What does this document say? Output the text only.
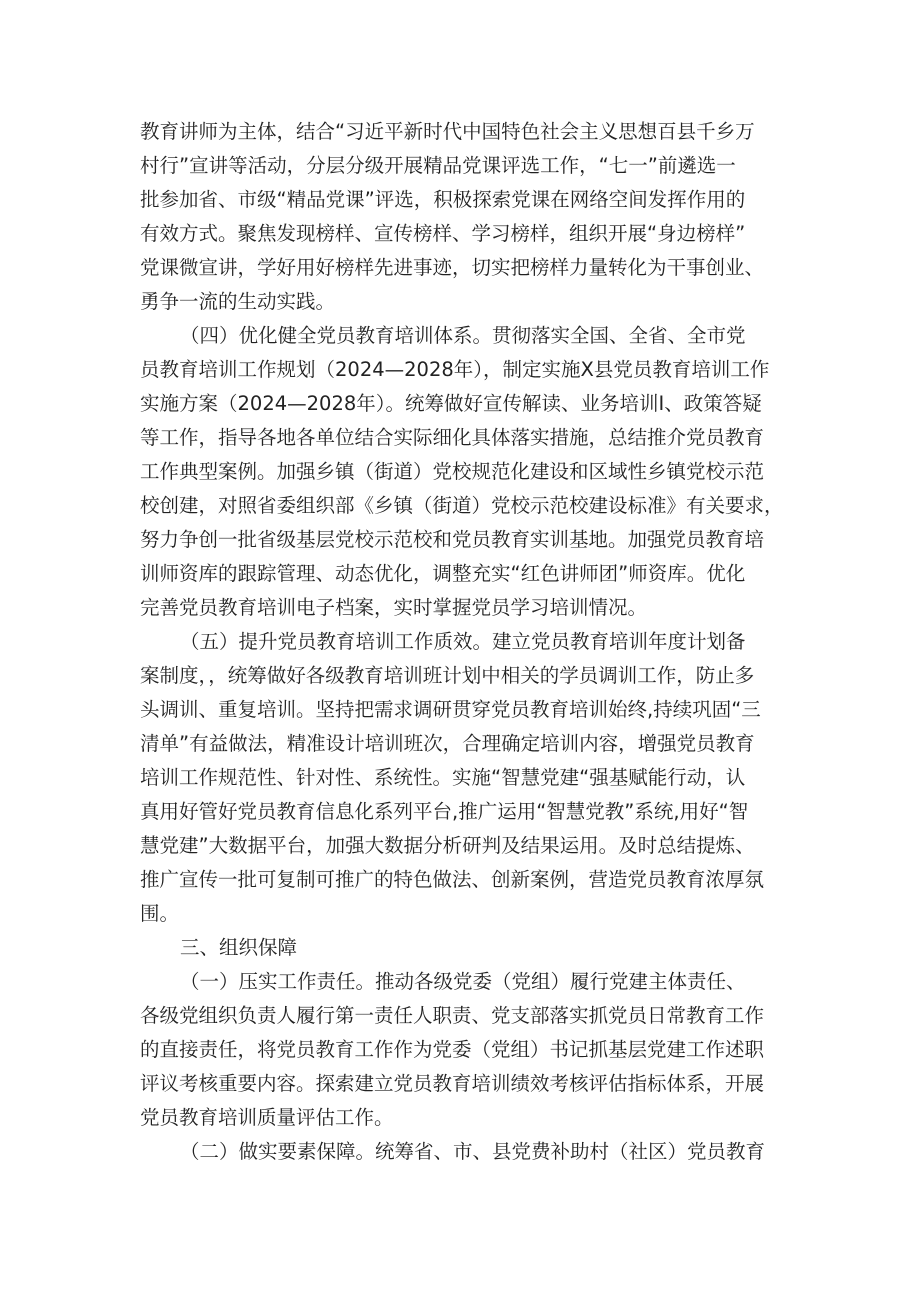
教育讲师为主体，结合“习近平新时代中国特色社会主义思想百县千乡万
村行”宣讲等活动，分层分级开展精品党课评选工作，“七一”前遴选一
批参加省、市级“精品党课”评选，积极探索党课在网络空间发挥作用的
有效方式。聚焦发现榜样、宣传榜样、学习榜样，组织开展“身边榜样”
党课微宣讲，学好用好榜样先进事迹，切实把榜样力量转化为干事创业、
勇争一流的生动实践。
（四）优化健全党员教育培训体系。贯彻落实全国、全省、全市党
员教育培训工作规划（2024—2028年），制定实施X县党员教育培训工作
实施方案（2024—2028年）。统筹做好宣传解读、业务培训I、政策答疑
等工作，指导各地各单位结合实际细化具体落实措施，总结推介党员教育
工作典型案例。加强乡镇（街道）党校规范化建设和区域性乡镇党校示范
校创建，对照省委组织部《乡镇（街道）党校示范校建设标准》有关要求，
努力争创一批省级基层党校示范校和党员教育实训基地。加强党员教育培
训师资库的跟踪管理、动态优化，调整充实“红色讲师团”师资库。优化
完善党员教育培训电子档案，实时掌握党员学习培训情况。
（五）提升党员教育培训工作质效。建立党员教育培训年度计划备
案制度，，统筹做好各级教育培训班计划中相关的学员调训工作，防止多
头调训、重复培训。坚持把需求调研贯穿党员教育培训始终,持续巩固“三
清单”有益做法，精准设计培训班次，合理确定培训内容，增强党员教育
培训工作规范性、针对性、系统性。实施“智慧党建“强基赋能行动，认
真用好管好党员教育信息化系列平台,推广运用“智慧党教”系统,用好“智
慧党建”大数据平台，加强大数据分析研判及结果运用。及时总结提炼、
推广宣传一批可复制可推广的特色做法、创新案例，营造党员教育浓厚氛
围。
三、组织保障
（一）压实工作责任。推动各级党委（党组）履行党建主体责任、
各级党组织负责人履行第一责任人职责、党支部落实抓党员日常教育工作
的直接责任，将党员教育工作作为党委（党组）书记抓基层党建工作述职
评议考核重要内容。探索建立党员教育培训绩效考核评估指标体系，开展
党员教育培训质量评估工作。
（二）做实要素保障。统筹省、市、县党费补助村（社区）党员教育
